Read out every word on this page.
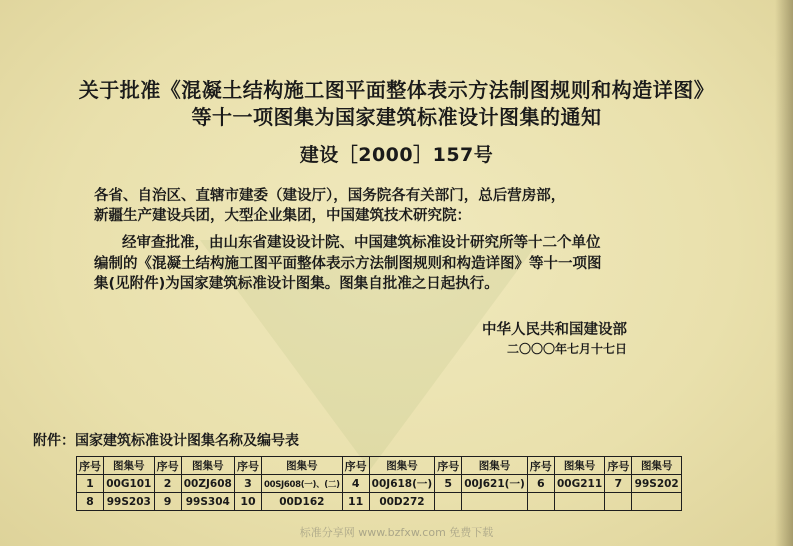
关于批准《混凝土结构施工图平面整体表示方法制图规则和构造详图》
等十一项图集为国家建筑标准设计图集的通知
建设［2000］157号
各省、自治区、直辖市建委（建设厅），国务院各有关部门，总后营房部，
新疆生产建设兵团，大型企业集团，中国建筑技术研究院：
经审查批准，由山东省建设设计院、中国建筑标准设计研究所等十二个单位
编制的《混凝土结构施工图平面整体表示方法制图规则和构造详图》等十一项图
集(见附件)为国家建筑标准设计图集。图集自批准之日起执行。
中华人民共和国建设部
二〇〇〇年七月十七日
附件：国家建筑标准设计图集名称及编号表
序号	图集号	序号	图集号	序号	图集号	序号	图集号	序号	图集号	序号	图集号	序号	图集号
1	00G101	2	00ZJ608	3	00SJ608(一)、(二)	4	00J618(一)	5	00J621(一)	6	00G211	7	99S202
8	99S203	9	99S304	10	00D162	11	00D272						
标准分享网 www.bzfxw.com 免费下载
